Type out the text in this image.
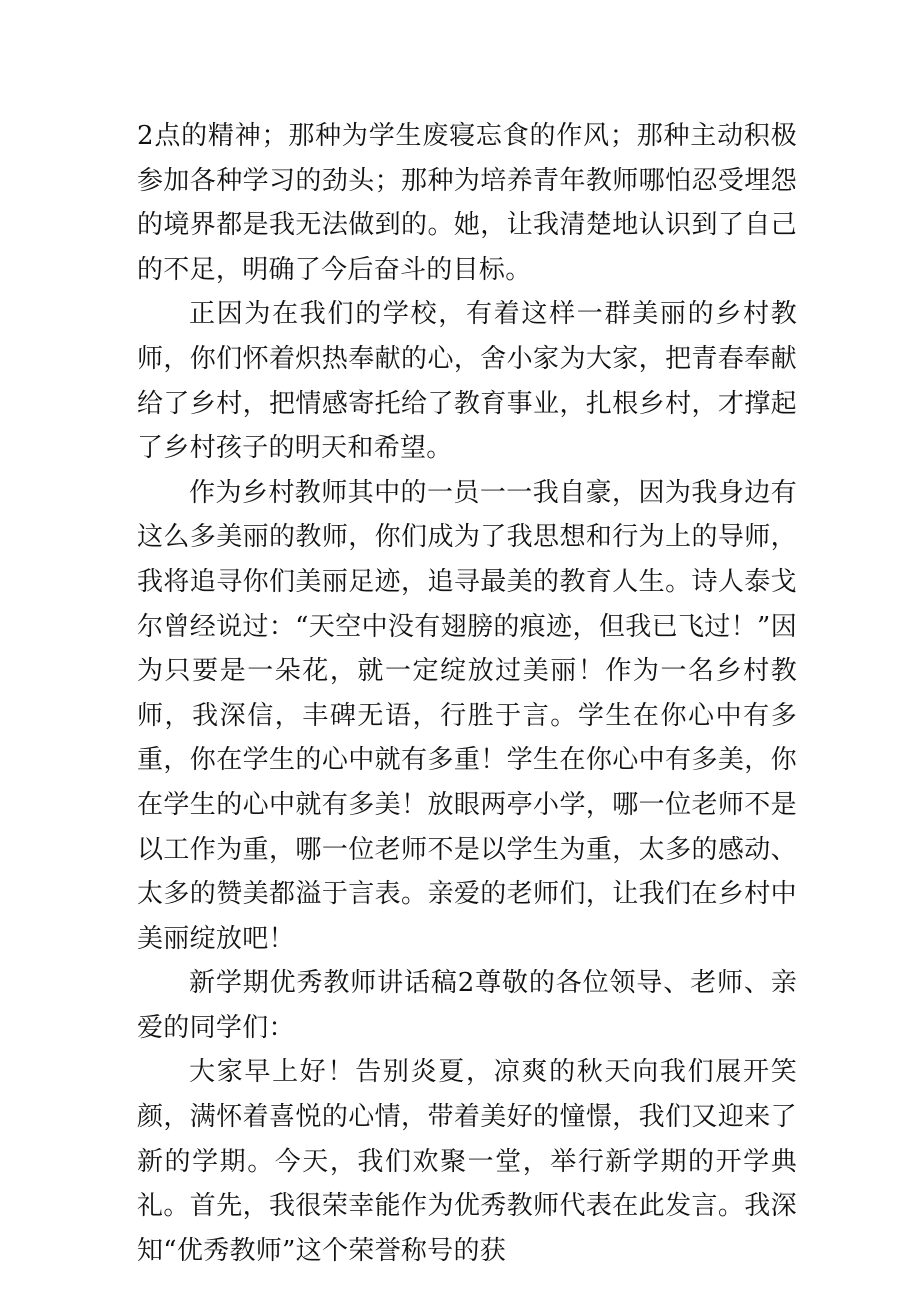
2点的精神；那种为学生废寝忘食的作风；那种主动积极参加各种学习的劲头；那种为培养青年教师哪怕忍受埋怨的境界都是我无法做到的。她，让我清楚地认识到了自己的不足，明确了今后奋斗的目标。

正因为在我们的学校，有着这样一群美丽的乡村教师，你们怀着炽热奉献的心，舍小家为大家，把青春奉献给了乡村，把情感寄托给了教育事业，扎根乡村，才撑起了乡村孩子的明天和希望。

作为乡村教师其中的一员一一我自豪，因为我身边有这么多美丽的教师，你们成为了我思想和行为上的导师，我将追寻你们美丽足迹，追寻最美的教育人生。诗人泰戈尔曾经说过：“天空中没有翅膀的痕迹，但我已飞过！”因为只要是一朵花，就一定绽放过美丽！作为一名乡村教师，我深信，丰碑无语，行胜于言。学生在你心中有多重，你在学生的心中就有多重！学生在你心中有多美，你在学生的心中就有多美！放眼两亭小学，哪一位老师不是以工作为重，哪一位老师不是以学生为重，太多的感动、太多的赞美都溢于言表。亲爱的老师们，让我们在乡村中美丽绽放吧！

新学期优秀教师讲话稿2尊敬的各位领导、老师、亲爱的同学们：

大家早上好！告别炎夏，凉爽的秋天向我们展开笑颜，满怀着喜悦的心情，带着美好的憧憬，我们又迎来了新的学期。今天，我们欢聚一堂，举行新学期的开学典礼。首先，我很荣幸能作为优秀教师代表在此发言。我深知“优秀教师”这个荣誉称号的获
